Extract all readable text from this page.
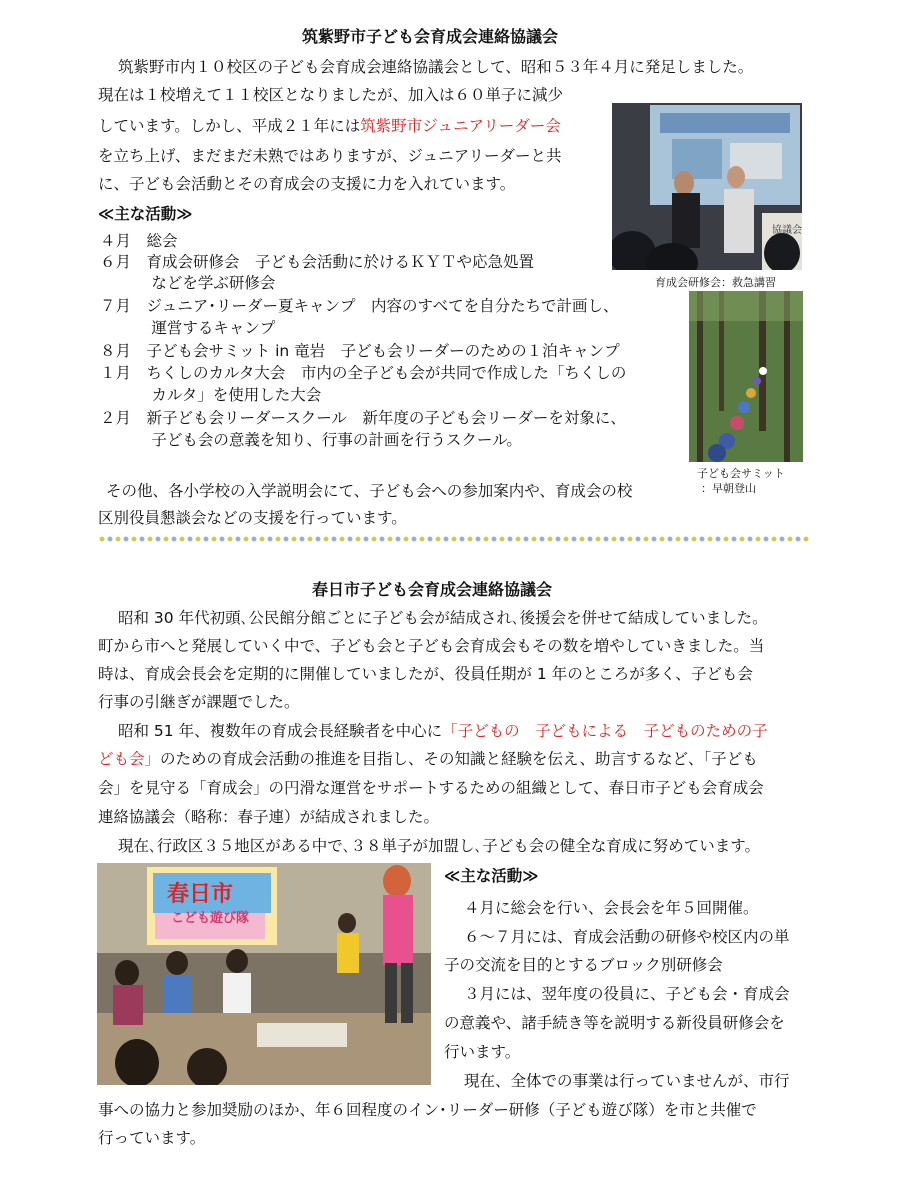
筑紫野市子ども会育成会連絡協議会
筑紫野市内１０校区の子ども会育成会連絡協議会として、昭和５３年４月に発足しました。
現在は１校増えて１１校区となりましたが、加入は６０単子に減少
しています。しかし、平成２１年には筑紫野市ジュニアリーダー会
を立ち上げ、まだまだ未熟ではありますが、ジュニアリーダーと共
に、子ども会活動とその育成会の支援に力を入れています。
≪主な活動≫
４月　総会
６月　育成会研修会　子ども会活動に於けるＫＹＴや応急処置
　　　 などを学ぶ研修会
７月　ジュニア･リーダー夏キャンプ　内容のすべてを自分たちで計画し、
　　　 運営するキャンプ
８月　子ども会サミット in 竜岩　子ども会リーダーのための１泊キャンプ
１月　ちくしのカルタ大会　市内の全子ども会が共同で作成した「ちくしの
　　　 カルタ」を使用した大会
２月　新子ども会リーダースクール　新年度の子ども会リーダーを対象に、
　　　 子ども会の意義を知り、行事の計画を行うスクール。
その他、各小学校の入学説明会にて、子ども会への参加案内や、育成会の校
区別役員懇談会などの支援を行っています。
協議会
育成会研修会：救急講習
子ども会サミット
：早朝登山
春日市子ども会育成会連絡協議会
昭和 30 年代初頭､公民館分館ごとに子ども会が結成され､後援会を併せて結成していました。
町から市へと発展していく中で、子ども会と子ども会育成会もその数を増やしていきました。当
時は、育成会長会を定期的に開催していましたが、役員任期が 1 年のところが多く、子ども会
行事の引継ぎが課題でした。
昭和 51 年、複数年の育成会長経験者を中心に「子どもの　子どもによる　子どものための子
ども会」のための育成会活動の推進を目指し、その知識と経験を伝え、助言するなど、「子ども
会」を見守る「育成会」の円滑な運営をサポートするための組織として、春日市子ども会育成会
連絡協議会（略称：春子連）が結成されました。
現在､行政区３５地区がある中で､３８単子が加盟し､子ども会の健全な育成に努めています。
春日市
こども遊び隊
≪主な活動≫
４月に総会を行い、会長会を年５回開催。
６～７月には、育成会活動の研修や校区内の単
子の交流を目的とするブロック別研修会
３月には、翌年度の役員に、子ども会・育成会
の意義や、諸手続き等を説明する新役員研修会を
行います。
現在、全体での事業は行っていませんが、市行
事への協力と参加奨励のほか、年６回程度のイン･リーダー研修（子ども遊び隊）を市と共催で
行っています。
